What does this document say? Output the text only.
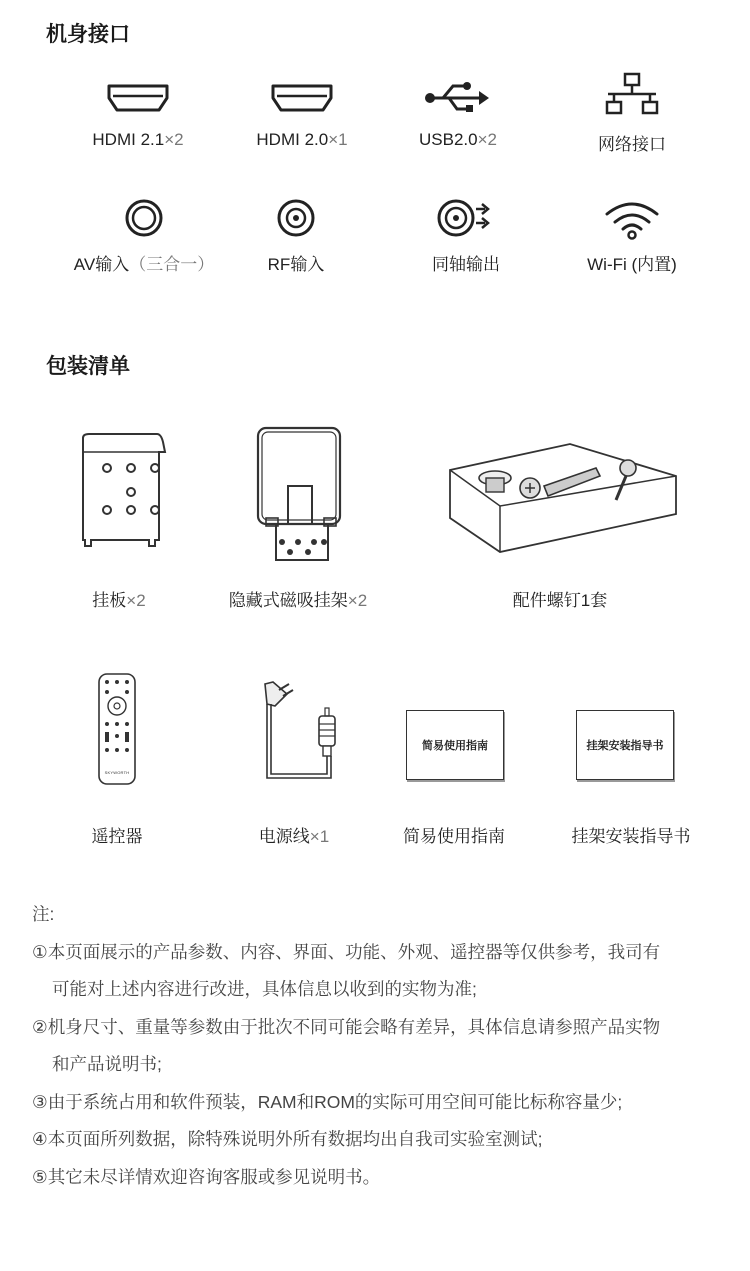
机身接口
HDMI 2.1×2	HDMI 2.0×1	USB2.0×2	网络接口
AV输入（三合一）	RF输入	同轴输出	Wi-Fi (内置)
包装清单
挂板×2	隐藏式磁吸挂架×2	配件螺钉1套
SKYWORTH
遥控器	电源线×1
简易使用指南
简易使用指南
挂架安装指导书
挂架安装指导书
注:
①本页面展示的产品参数、内容、界面、功能、外观、遥控器等仅供参考，我司有
可能对上述内容进行改进，具体信息以收到的实物为准;
②机身尺寸、重量等参数由于批次不同可能会略有差异，具体信息请参照产品实物
和产品说明书;
③由于系统占用和软件预装，RAM和ROM的实际可用空间可能比标称容量少;
④本页面所列数据，除特殊说明外所有数据均出自我司实验室测试;
⑤其它未尽详情欢迎咨询客服或参见说明书。
